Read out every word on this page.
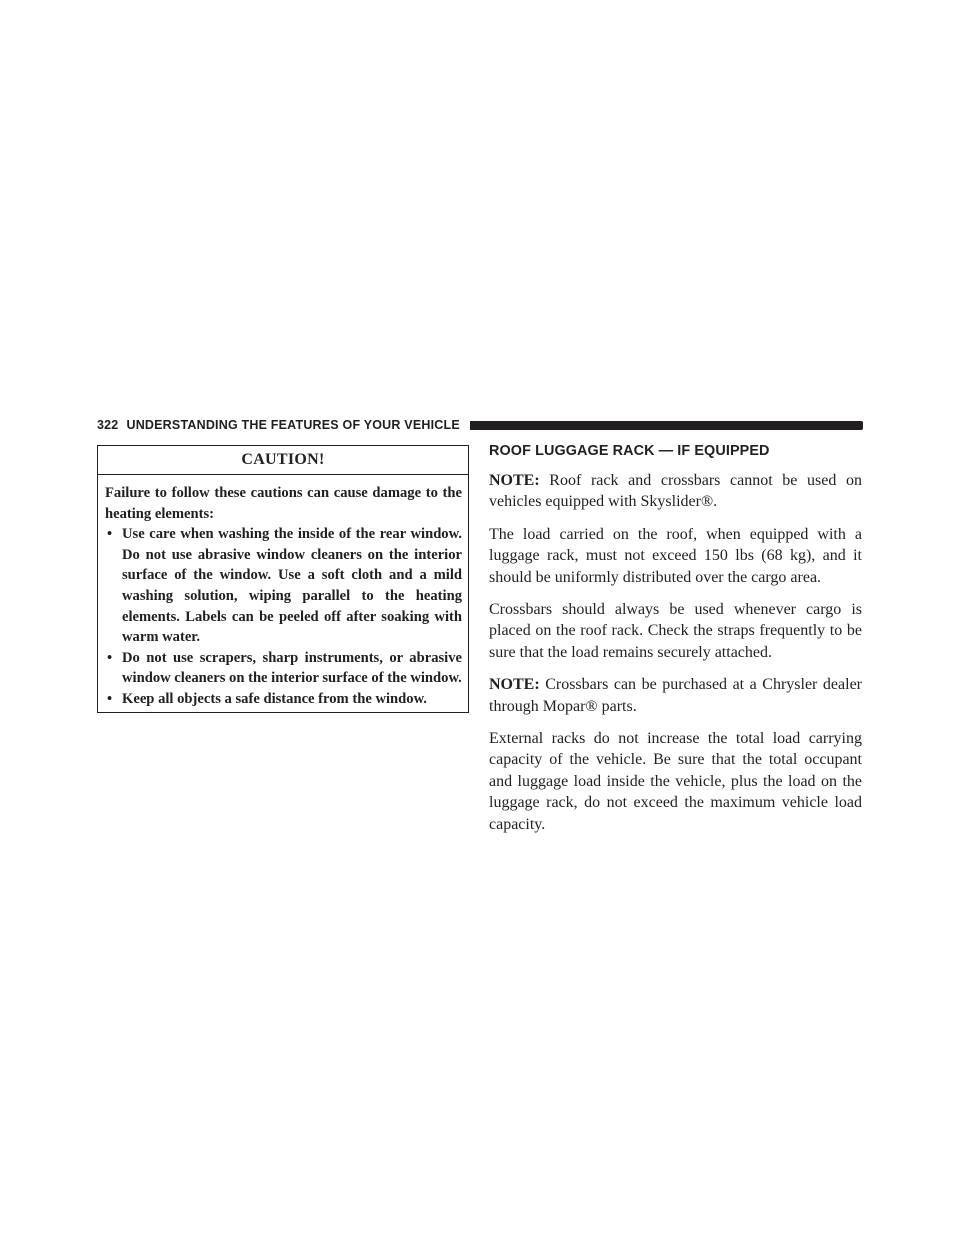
322 UNDERSTANDING THE FEATURES OF YOUR VEHICLE
CAUTION!

Failure to follow these cautions can cause damage to the heating elements:

• Use care when washing the inside of the rear window. Do not use abrasive window cleaners on the interior surface of the window. Use a soft cloth and a mild washing solution, wiping parallel to the heating elements. Labels can be peeled off after soaking with warm water.
• Do not use scrapers, sharp instruments, or abrasive window cleaners on the interior surface of the window.
• Keep all objects a safe distance from the window.
ROOF LUGGAGE RACK — IF EQUIPPED

NOTE: Roof rack and crossbars cannot be used on vehicles equipped with Skyslider®.

The load carried on the roof, when equipped with a luggage rack, must not exceed 150 lbs (68 kg), and it should be uniformly distributed over the cargo area.

Crossbars should always be used whenever cargo is placed on the roof rack. Check the straps frequently to be sure that the load remains securely attached.

NOTE: Crossbars can be purchased at a Chrysler dealer through Mopar® parts.

External racks do not increase the total load carrying capacity of the vehicle. Be sure that the total occupant and luggage load inside the vehicle, plus the load on the luggage rack, do not exceed the maximum vehicle load capacity.
